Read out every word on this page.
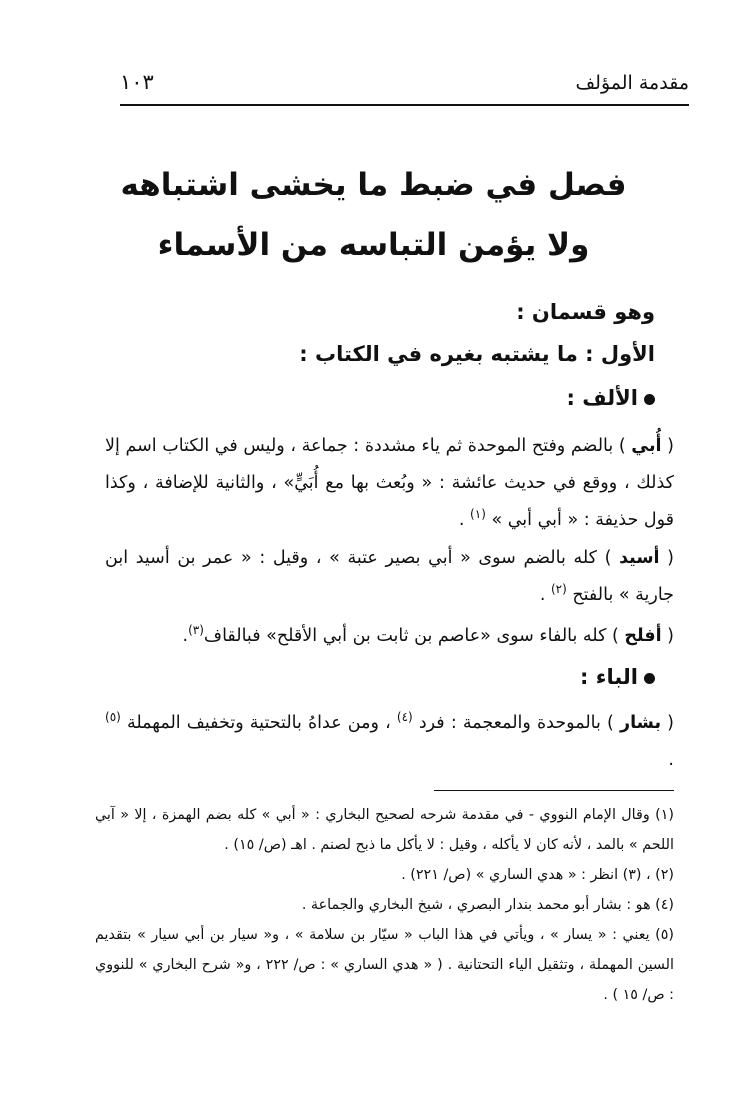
مقدمة المؤلف
١٠٣
فصل في ضبط ما يخشى اشتباهه
ولا يؤمن التباسه من الأسماء
وهو قسمان :
الأول : ما يشتبه بغيره في الكتاب :
الألف :
( أُبي ) بالضم وفتح الموحدة ثم ياء مشددة : جماعة ، وليس في الكتاب اسم إلا كذلك ، ووقع في حديث عائشة : « وبُعث بها مع أُبَيٍّ» ، والثانية للإضافة ، وكذا قول حذيفة : « أبي أبي » $^{(١)}$ .
( أسيد ) كله بالضم سوى « أبي بصير عتبة » ، وقيل : « عمر بن أسيد ابن جارية » بالفتح $^{(٢)}$ .
( أفلح ) كله بالفاء سوى «عاصم بن ثابت بن أبي الأقلح» فبالقاف$^{(٣)}$.
الباء :
( بشار ) بالموحدة والمعجمة : فرد $^{(٤)}$ ، ومن عداهُ بالتحتية وتخفيف المهملة $^{(٥)}$ .

(١) وقال الإمام النووي - في مقدمة شرحه لصحيح البخاري : « أبي » كله بضم الهمزة ، إلا « آبي اللحم » بالمد ، لأنه كان لا يأكله ، وقيل : لا يأكل ما ذبح لصنم . اهـ (ص/ ١٥) .

(٢) ، (٣) انظر : « هدي الساري » (ص/ ٢٢١) .

(٤) هو : بشار أبو محمد بندار البصري ، شيخ البخاري والجماعة .

(٥) يعني : « يسار » ، ويأتي في هذا الباب « سيّار بن سلامة » ، و« سيار بن أبي سيار » بتقديم السين المهملة ، وتثقيل الياء التحتانية . ( « هدي الساري » : ص/ ٢٢٢ ، و« شرح البخاري » للنووي : ص/ ١٥ ) .
